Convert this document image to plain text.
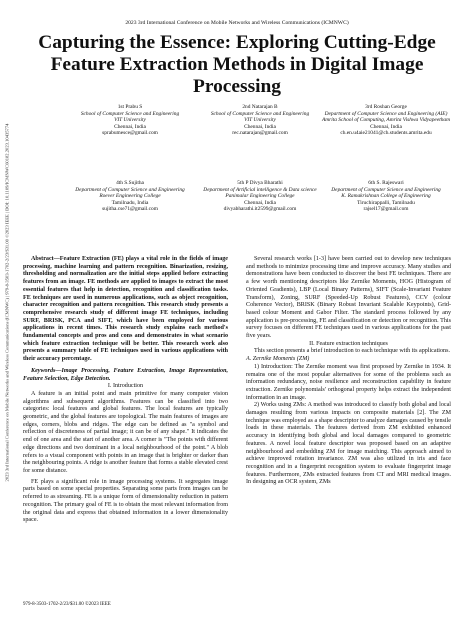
2023 3rd International Conference on Mobile Networks and Wireless Communications (ICMNWC) | 979-8-3503-1702-2/23/$31.00 ©2023 IEEE | DOI: 10.1109/ICMNWC60182.2023.10435774
2023 3rd International Conference on Mobile Networks and Wireless Communications (ICMNWC)
Capturing the Essence: Exploring Cutting-Edge Feature Extraction Methods in Digital Image Processing
1st Prabu S
School of Computer Science and Engineering
VIT University
Chennai, India
sprabumesce@gmail.com
2nd Natarajan B
School of Computer Science and Engineering
VIT University
Chennai, India
rec.natarajan@gmail.com
3rd Roshan George
Department of Computer Science and Engineering (AIE)
Amrita School of Computing, Amrita Vishwa Vidyapeetham
Chennai, India
ch.en.u4aie21041@ch.students.amrita.edu
4th S.Sujitha
Department of Computer Science and Engineering
Roever Engineering College
Tamilnadu, India
sujitha.cse71@gmail.com
5th P Divya Bharathi
Department of Artificial intelligence & Data science
Panimalar Engineering College
Chennai, India
divyabharathi.it2599@gmail.com
6th S. Rajeswari
Department of Computer Science and Engineering
K. Ramakrishnan College of Engineering
Tiruchirappalli, Tamilnadu
rajsel17@gmail.com

Abstract—Feature Extraction (FE) plays a vital role in the fields of image processing, machine learning and pattern recognition. Binarization, resizing, thresholding and normalization are the initial steps applied before extracting features from an image. FE methods are applied to images to extract the most essential features that help in detection, recognition and classification tasks. FE techniques are used in numerous applications, such as object recognition, character recognition and pattern recognition. This research study presents a comprehensive research study of different image FE techniques, including SURF, BRISK, PCA and SIFT, which have been employed for various applications in recent times. This research study explains each method's fundamental concepts and pros and cons and demonstrates in what scenario which feature extraction technique will be better. This research work also presents a summary table of FE techniques used in various applications with their accuracy percentage.

Keywords—Image Processing, Feature Extraction, Image Representation, Feature Selection, Edge Detection.

I. Introduction

A feature is an initial point and main primitive for many computer vision algorithms and subsequent algorithms. Features can be classified into two categories: local features and global features. The local features are typically geometric, and the global features are topological. The main features of images are edges, corners, blobs and ridges. The edge can be defined as "a symbol and reflection of discreteness of partial image; it can be of any shape." It indicates the end of one area and the start of another area. A corner is "The points with different edge directions and two dominant in a local neighbourhood of the point." A blob refers to a visual component with points in an image that is brighter or darker than the neighbouring points. A ridge is another feature that forms a stable elevated crest for some distance.

FE plays a significant role in image processing systems. It segregates image parts based on some special properties. Separating some parts from images can be referred to as streaming. FE is a unique form of dimensionality reduction in pattern recognition. The primary goal of FE is to obtain the most relevant information from the original data and express that obtained information in a lower dimensionality space.

Several research works [1-3] have been carried out to develop new techniques and methods to minimize processing time and improve accuracy. Many studies and demonstrations have been conducted to discover the best FE techniques. There are a few worth mentioning descriptors like Zernike Moments, HOG (Histogram of Oriented Gradients), LBP (Local Binary Patterns), SIFT (Scale-Invariant Feature Transform), Zoning, SURF (Speeded-Up Robust Features), CCV (colour Coherence Vector), BRISK (Binary Robust Invariant Scalable Keypoints), Grid-based colour Moment and Gabor Filter. The standard process followed by any application is pre-processing, FE and classification or detection or recognition. This survey focuses on different FE techniques used in various applications for the past five years.

II. Feature extraction techniques

This section presents a brief introduction to each technique with its applications.

A. Zernike Moments (ZM)

1) Introduction: The Zernike moment was first proposed by Zernike in 1934. It remains one of the most popular alternatives for some of the problems such as information redundancy, noise resilience and reconstruction capability in feature extraction. Zernike polynomials' orthogonal property helps extract the independent information in an image.

2) Works using ZMs: A method was introduced to classify both global and local damages resulting from various impacts on composite materials [2]. The ZM technique was employed as a shape descriptor to analyze damages caused by tensile loads in these materials. The features derived from ZM exhibited enhanced accuracy in identifying both global and local damages compared to geometric features. A novel local feature descriptor was proposed based on an adaptive neighbourhood and embedding ZM for image matching. This approach aimed to achieve improved rotation invariance. ZM was also utilized in iris and face recognition and in a fingerprint recognition system to evaluate fingerprint image features. Furthermore, ZMs extracted features from CT and MRI medical images. In designing an OCR system, ZMs

979-8-3503-1702-2/23/$31.00 ©2023 IEEE
